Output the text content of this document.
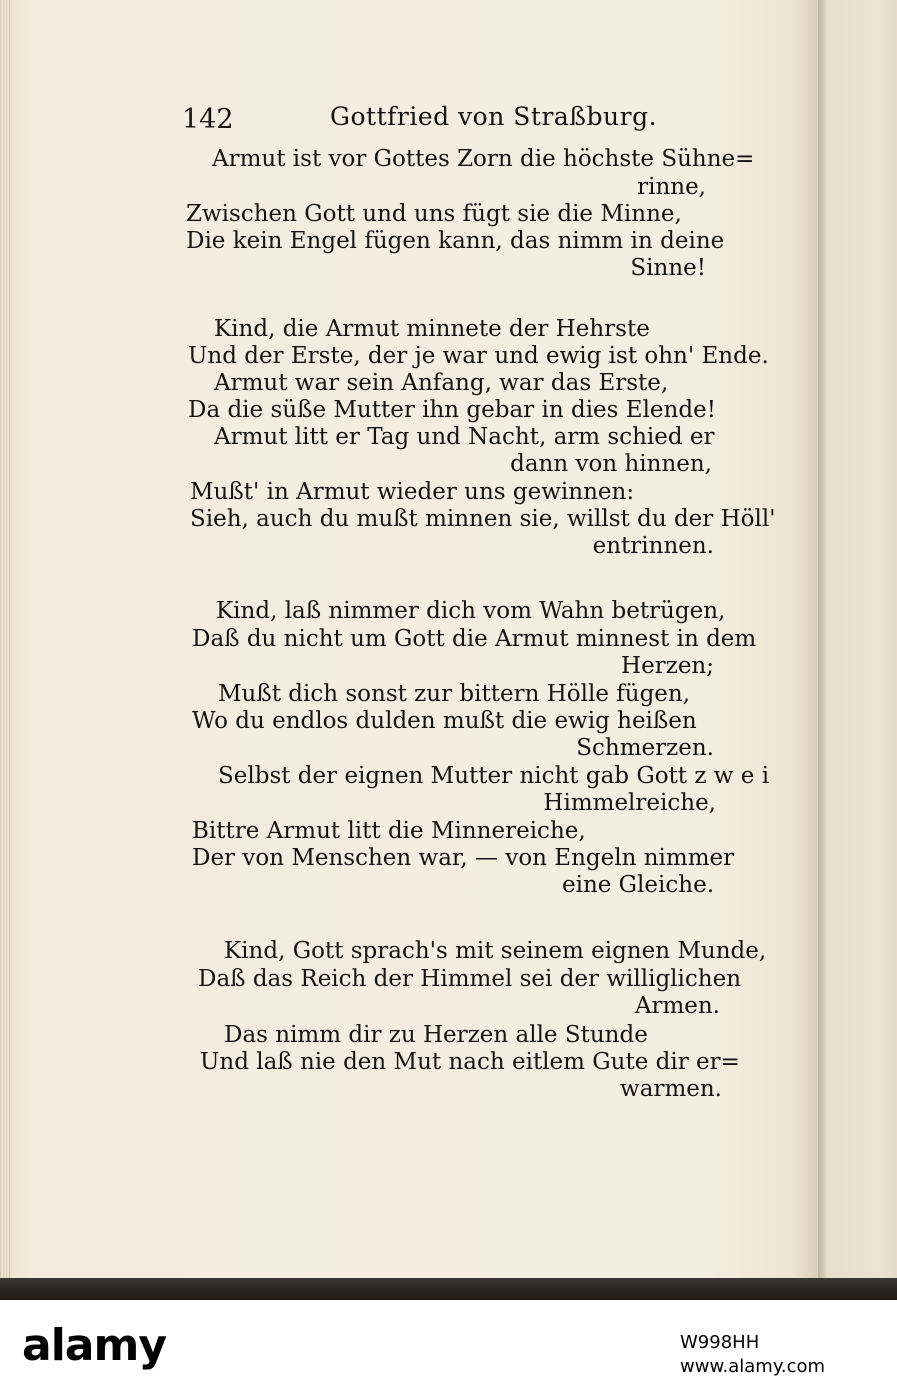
142	Gottfried von Straßburg.
Armut ist vor Gottes Zorn die höchste Sühne=
rinne,
Zwischen Gott und uns fügt sie die Minne,
Die kein Engel fügen kann, das nimm in deine
Sinne!
Kind, die Armut minnete der Hehrste
Und der Erste, der je war und ewig ist ohn' Ende.
Armut war sein Anfang, war das Erste,
Da die süße Mutter ihn gebar in dies Elende!
Armut litt er Tag und Nacht, arm schied er
dann von hinnen,
Mußt' in Armut wieder uns gewinnen:
Sieh, auch du mußt minnen sie, willst du der Höll'
entrinnen.
Kind, laß nimmer dich vom Wahn betrügen,
Daß du nicht um Gott die Armut minnest in dem
Herzen;
Mußt dich sonst zur bittern Hölle fügen,
Wo du endlos dulden mußt die ewig heißen
Schmerzen.
Selbst der eignen Mutter nicht gab Gott z w e i
Himmelreiche,
Bittre Armut litt die Minnereiche,
Der von Menschen war, — von Engeln nimmer
eine Gleiche.
Kind, Gott sprach's mit seinem eignen Munde,
Daß das Reich der Himmel sei der williglichen
Armen.
Das nimm dir zu Herzen alle Stunde
Und laß nie den Mut nach eitlem Gute dir er=
warmen.
alamy	W998HH
www.alamy.com
